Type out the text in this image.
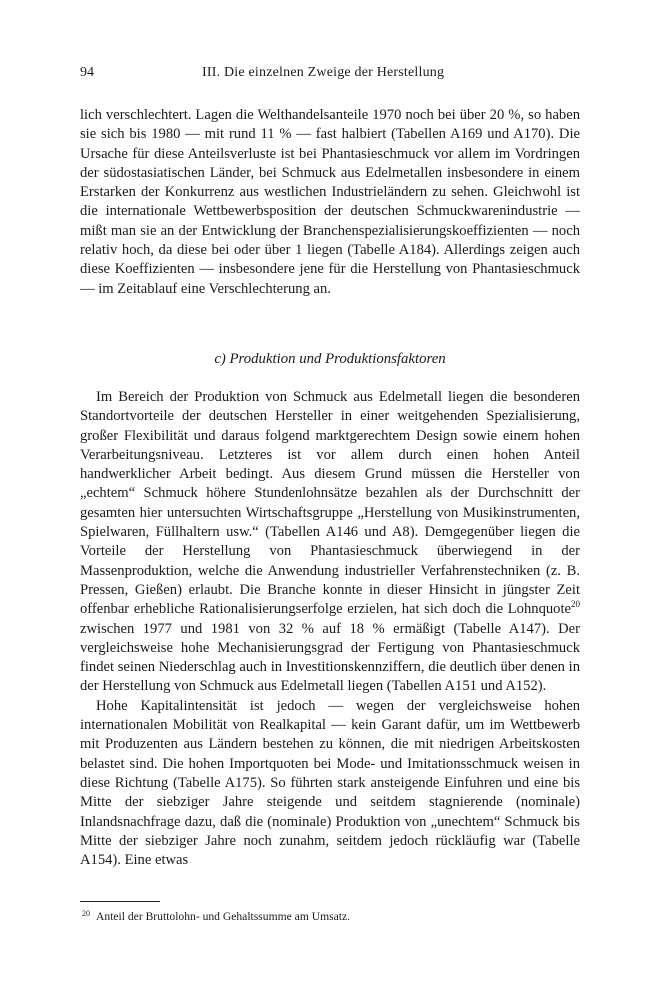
94	III. Die einzelnen Zweige der Herstellung

lich verschlechtert. Lagen die Welthandelsanteile 1970 noch bei über 20 %, so haben sie sich bis 1980 — mit rund 11 % — fast halbiert (Tabellen A169 und A170). Die Ursache für diese Anteilsverluste ist bei Phantasieschmuck vor allem im Vordringen der südostasiatischen Länder, bei Schmuck aus Edelmetallen insbesondere in einem Erstarken der Konkurrenz aus westlichen Industrieländern zu sehen. Gleichwohl ist die internationale Wettbewerbsposition der deutschen Schmuckwarenindustrie — mißt man sie an der Entwicklung der Branchenspezialisierungskoeffizienten — noch relativ hoch, da diese bei oder über 1 liegen (Tabelle A184). Allerdings zeigen auch diese Koeffizienten — insbesondere jene für die Herstellung von Phantasieschmuck — im Zeitablauf eine Verschlechterung an.

c) Produktion und Produktionsfaktoren

Im Bereich der Produktion von Schmuck aus Edelmetall liegen die besonderen Standortvorteile der deutschen Hersteller in einer weitgehenden Spezialisierung, großer Flexibilität und daraus folgend marktgerechtem Design sowie einem hohen Verarbeitungsniveau. Letzteres ist vor allem durch einen hohen Anteil handwerklicher Arbeit bedingt. Aus diesem Grund müssen die Hersteller von „echtem“ Schmuck höhere Stundenlohnsätze bezahlen als der Durchschnitt der gesamten hier untersuchten Wirtschaftsgruppe „Herstellung von Musikinstrumenten, Spielwaren, Füllhaltern usw.“ (Tabellen A146 und A8). Demgegenüber liegen die Vorteile der Herstellung von Phantasieschmuck überwiegend in der Massenproduktion, welche die Anwendung industrieller Verfahrenstechniken (z. B. Pressen, Gießen) erlaubt. Die Branche konnte in dieser Hinsicht in jüngster Zeit offenbar erhebliche Rationalisierungserfolge erzielen, hat sich doch die Lohnquote$^{20}$ zwischen 1977 und 1981 von 32 % auf 18 % ermäßigt (Tabelle A147). Der vergleichsweise hohe Mechanisierungsgrad der Fertigung von Phantasieschmuck findet seinen Niederschlag auch in Investitionskennziffern, die deutlich über denen in der Herstellung von Schmuck aus Edelmetall liegen (Tabellen A151 und A152).

Hohe Kapitalintensität ist jedoch — wegen der vergleichsweise hohen internationalen Mobilität von Realkapital — kein Garant dafür, um im Wettbewerb mit Produzenten aus Ländern bestehen zu können, die mit niedrigen Arbeitskosten belastet sind. Die hohen Importquoten bei Mode- und Imitationsschmuck weisen in diese Richtung (Tabelle A175). So führten stark ansteigende Einfuhren und eine bis Mitte der siebziger Jahre steigende und seitdem stagnierende (nominale) Inlandsnachfrage dazu, daß die (nominale) Produktion von „unechtem“ Schmuck bis Mitte der siebziger Jahre noch zunahm, seitdem jedoch rückläufig war (Tabelle A154). Eine etwas

$^{20}$ Anteil der Bruttolohn- und Gehaltssumme am Umsatz.
